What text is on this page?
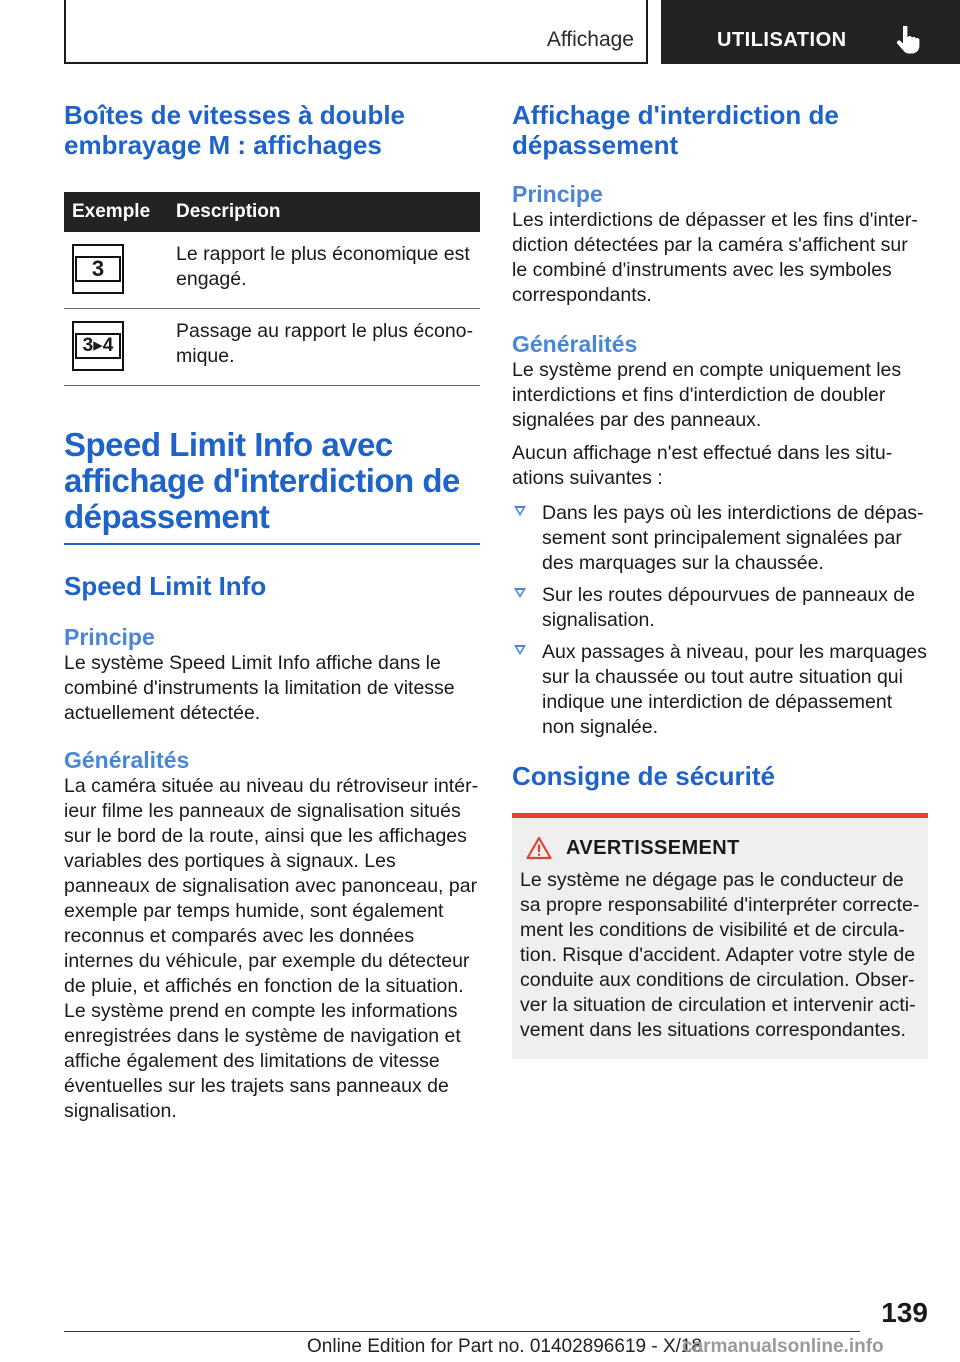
Affichage	UTILISATION
Boîtes de vitesses à double embrayage M : affichages
Exemple	Description

3	Le rapport le plus économique est engagé.

3▸4	Passage au rapport le plus économique.
Speed Limit Info avec affichage d'interdiction de dépassement
Speed Limit Info
Principe

Le système Speed Limit Info affiche dans le combiné d'instruments la limitation de vitesse actuellement détectée.

Généralités

La caméra située au niveau du rétroviseur intérieur filme les panneaux de signalisation situés sur le bord de la route, ainsi que les affichages variables des portiques à signaux. Les panneaux de signalisation avec panonceau, par exemple par temps humide, sont également reconnus et comparés avec les données internes du véhicule, par exemple du détecteur de pluie, et affichés en fonction de la situation. Le système prend en compte les informations enregistrées dans le système de navigation et affiche également des limitations de vitesse éventuelles sur les trajets sans panneaux de signalisation.

Affichage d'interdiction de dépassement
Principe

Les interdictions de dépasser et les fins d'interdiction détectées par la caméra s'affichent sur le combiné d'instruments avec les symboles correspondants.

Généralités

Le système prend en compte uniquement les interdictions et fins d'interdiction de doubler signalées par des panneaux.

Aucun affichage n'est effectué dans les situations suivantes :

Dans les pays où les interdictions de dépassement sont principalement signalées par des marquages sur la chaussée.
Sur les routes dépourvues de panneaux de signalisation.
Aux passages à niveau, pour les marquages sur la chaussée ou tout autre situation qui indique une interdiction de dépassement non signalée.
Consigne de sécurité
AVERTISSEMENT

Le système ne dégage pas le conducteur de sa propre responsabilité d'interpréter correctement les conditions de visibilité et de circulation. Risque d'accident. Adapter votre style de conduite aux conditions de circulation. Observer la situation de circulation et intervenir activement dans les situations correspondantes.

139
Online Edition for Part no. 01402896619 - X/18
carmanualsonline.info
